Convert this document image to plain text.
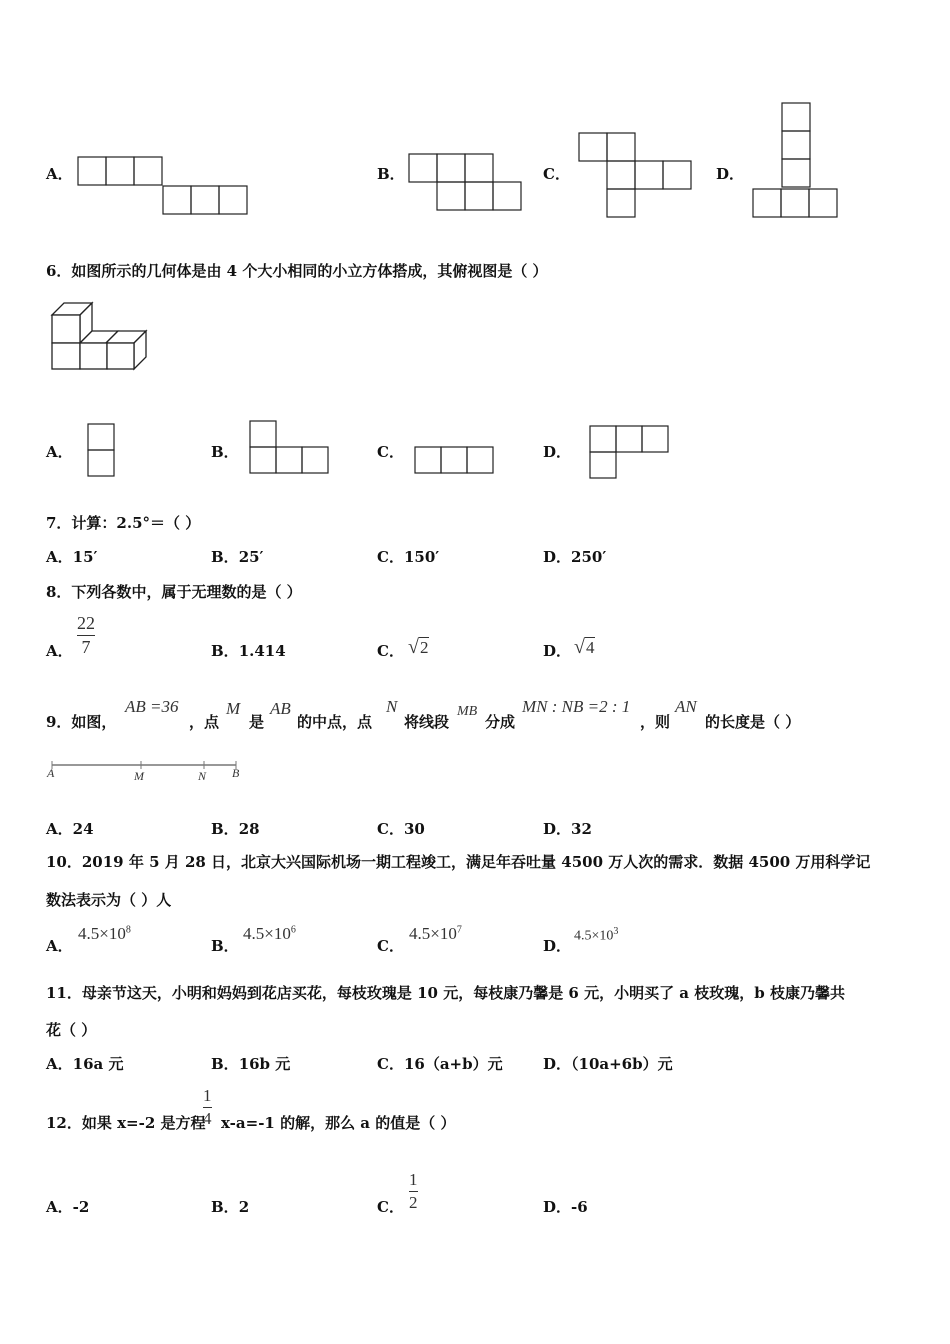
A．	B．	C．	D．
6．如图所示的几何体是由 4 个大小相同的小立方体搭成，其俯视图是（ ）
A．	B．	C．	D．
7．计算：2.5°＝（ ）
A．15′	B．25′	C．150′	D．250′
8．下列各数中，属于无理数的是（ ）
A．
22
7	B．1.414	C． √2	D． √4
9．如图，
AB =36
，点
M
是
AB
的中点，点
N
将线段
MB
分成
MN : NB =2 : 1
，则
AN
的长度是（ ）
A	M	N B
A．24	B．28	C．30	D．32
10．2019 年 5 月 28 日，北京大兴国际机场一期工程竣工，满足年吞吐量 4500 万人次的需求．数据 4500 万用科学记
数法表示为（ ）人
A．
$4.5\times 10^8$
B．
$4.5\times 10^6$
C．
$4.5\times 10^7$
D．
$4.5\times 10^3$
11．母亲节这天，小明和妈妈到花店买花，每枝玫瑰是 10 元，每枝康乃馨是 6 元，小明买了 a 枝玫瑰，b 枝康乃馨共
花（ ）
A．16a 元	B．16b 元	C．16（a+b）元	D．（10a+6b）元
12．如果 x=-2 是方程
1
4 x-a=-1 的解，那么 a 的值是（ ）
A．-2	B．2	C．
1
2	D．-6
